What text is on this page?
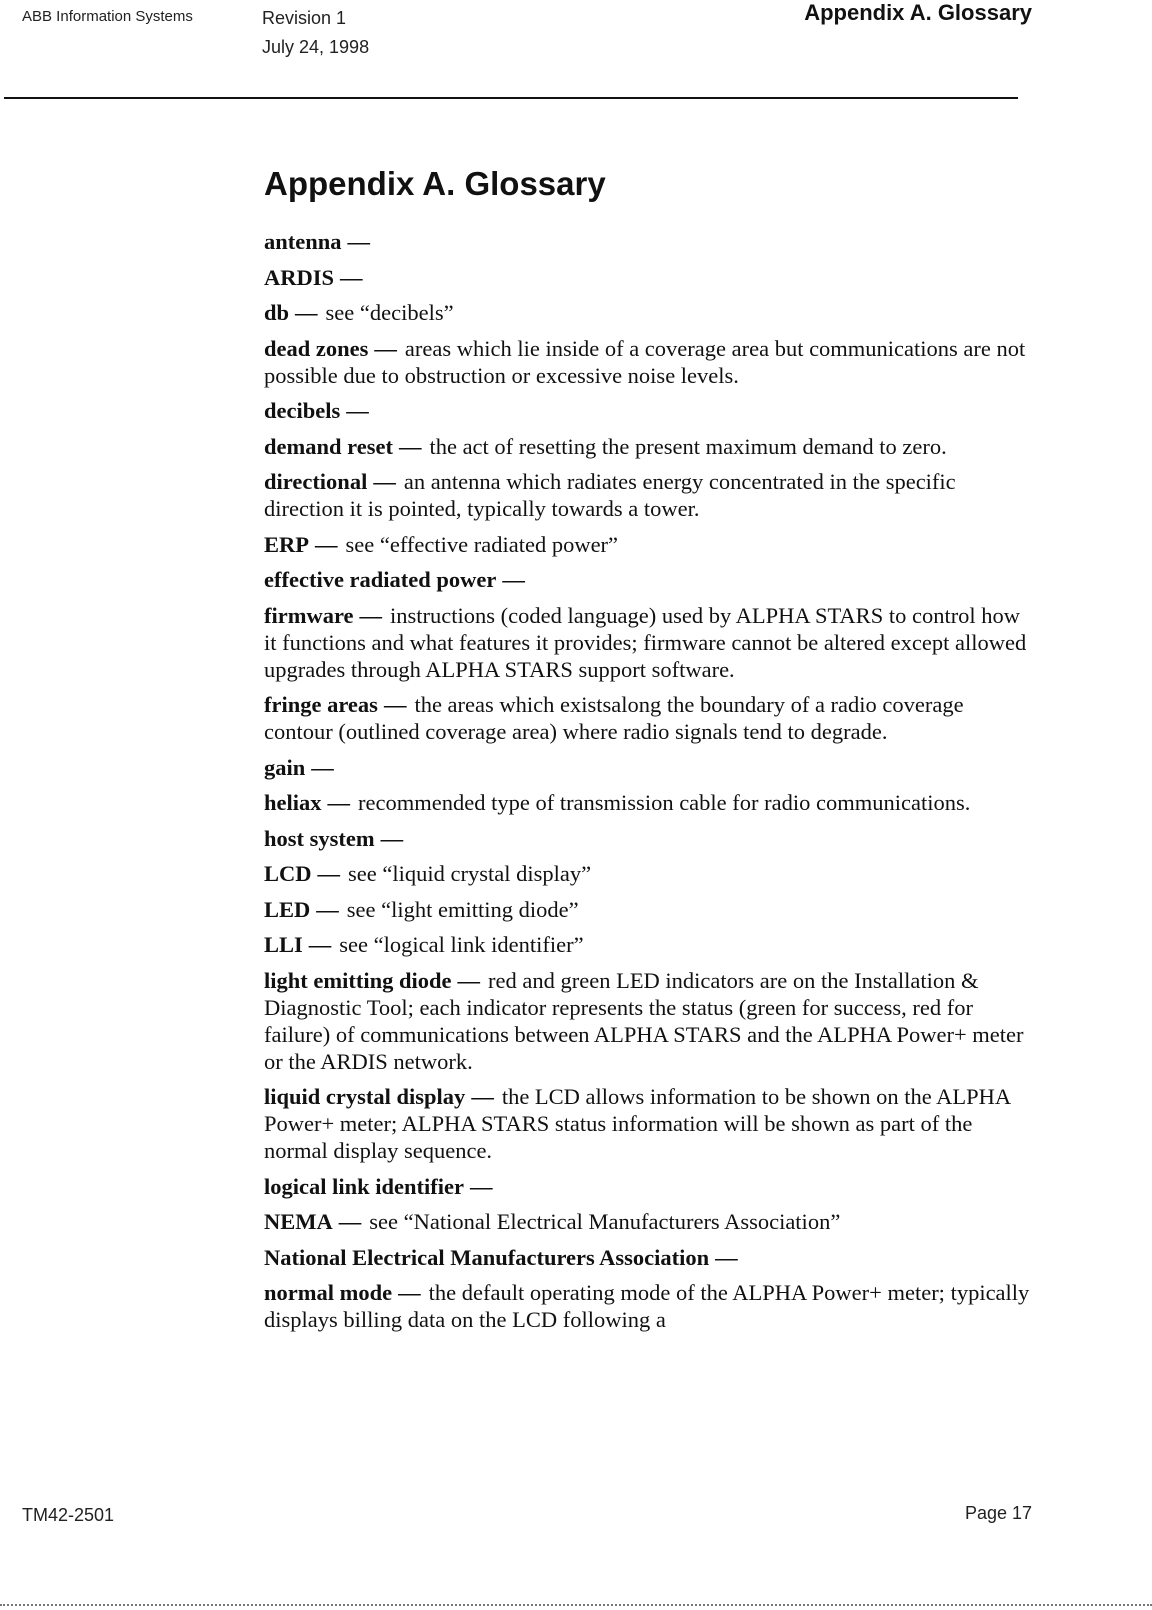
ABB Information Systems	Revision 1
July 24, 1998
Appendix A. Glossary
Appendix A. Glossary
antenna —
ARDIS —
db — see “decibels”
dead zones — areas which lie inside of a coverage area but communications are not possible due to obstruction or excessive noise levels.
decibels —
demand reset — the act of resetting the present maximum demand to zero.
directional — an antenna which radiates energy concentrated in the specific direction it is pointed, typically towards a tower.
ERP — see “effective radiated power”
effective radiated power —
firmware — instructions (coded language) used by ALPHA STARS to control how it functions and what features it provides; firmware cannot be altered except allowed upgrades through ALPHA STARS support software.
fringe areas — the areas which existsalong the boundary of a radio coverage contour (outlined coverage area) where radio signals tend to degrade.
gain —
heliax — recommended type of transmission cable for radio communications.
host system —
LCD — see “liquid crystal display”
LED — see “light emitting diode”
LLI — see “logical link identifier”
light emitting diode — red and green LED indicators are on the Installation & Diagnostic Tool; each indicator represents the status (green for success, red for failure) of communications between ALPHA STARS and the ALPHA Power+ meter or the ARDIS network.
liquid crystal display — the LCD allows information to be shown on the ALPHA Power+ meter; ALPHA STARS status information will be shown as part of the normal display sequence.
logical link identifier —
NEMA — see “National Electrical Manufacturers Association”
National Electrical Manufacturers Association —
normal mode — the default operating mode of the ALPHA Power+ meter; typically displays billing data on the LCD following a
TM42-2501	Page 17
